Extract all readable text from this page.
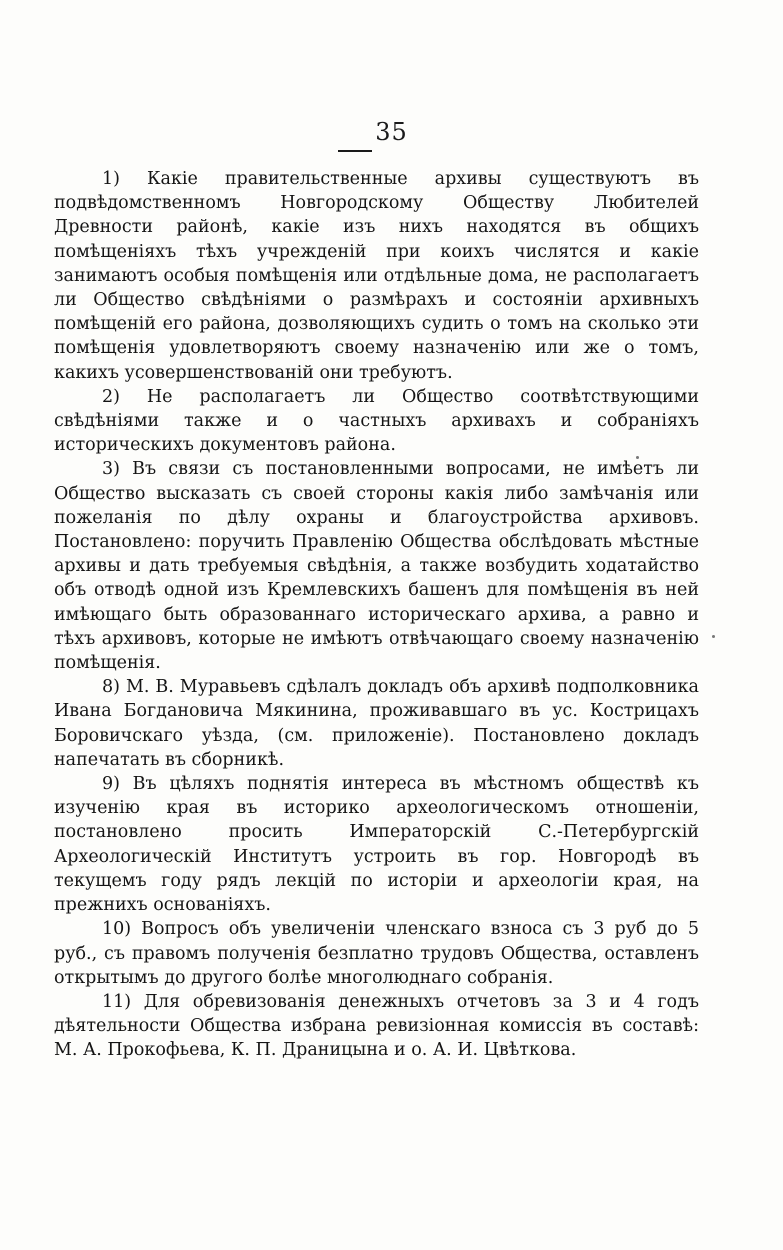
35

1) Какіе правительственные архивы существуютъ въ подвѣдомственномъ Новгородскому Обществу Любителей Древности районѣ, какіе изъ нихъ находятся въ общихъ помѣщеніяхъ тѣхъ учрежденій при коихъ числятся и какіе занимаютъ особыя помѣщенія или отдѣльные дома, не располагаетъ ли Общество свѣдѣніями о размѣрахъ и состояніи архивныхъ помѣщеній его района, дозволяющихъ судить о томъ на сколько эти помѣщенія удовлетворяютъ своему назначенію или же о томъ, какихъ усовершенствованій они требуютъ.

2) Не располагаетъ ли Общество соотвѣтствующими свѣдѣніями также и о частныхъ архивахъ и собраніяхъ историческихъ документовъ района.

3) Въ связи съ постановленными вопросами, не имѣетъ ли Общество высказать съ своей стороны какія либо замѣчанія или пожеланія по дѣлу охраны и благоустройства архивовъ. Постановлено: поручить Правленію Общества обслѣдовать мѣстные архивы и дать требуемыя свѣдѣнія, а также возбудить ходатайство объ отводѣ одной изъ Кремлевскихъ башенъ для помѣщенія въ ней имѣющаго быть образованнаго историческаго архива, а равно и тѣхъ архивовъ, которые не имѣютъ отвѣчающаго своему назначенію помѣщенія.

8) М. В. Муравьевъ сдѣлалъ докладъ объ архивѣ подполковника Ивана Богдановича Мякинина, проживавшаго въ ус. Кострицахъ Боровичскаго уѣзда, (см. приложеніе). Постановлено докладъ напечатать въ сборникѣ.

9) Въ цѣляхъ поднятія интереса въ мѣстномъ обществѣ къ изученію края въ историко археологическомъ отношеніи, постановлено просить Императорскій С.-Петербургскій Археологическій Институтъ устроить въ гор. Новгородѣ въ текущемъ году рядъ лекцій по исторіи и археологіи края, на прежнихъ основаніяхъ.

10) Вопросъ объ увеличеніи членскаго взноса съ 3 руб до 5 руб., съ правомъ полученія безплатно трудовъ Общества, оставленъ открытымъ до другого болѣе многолюднаго собранія.

11) Для обревизованія денежныхъ отчетовъ за 3 и 4 годъ дѣятельности Общества избрана ревизіонная комиссія въ составѣ: М. А. Прокофьева, К. П. Драницына и о. А. И. Цвѣткова.
